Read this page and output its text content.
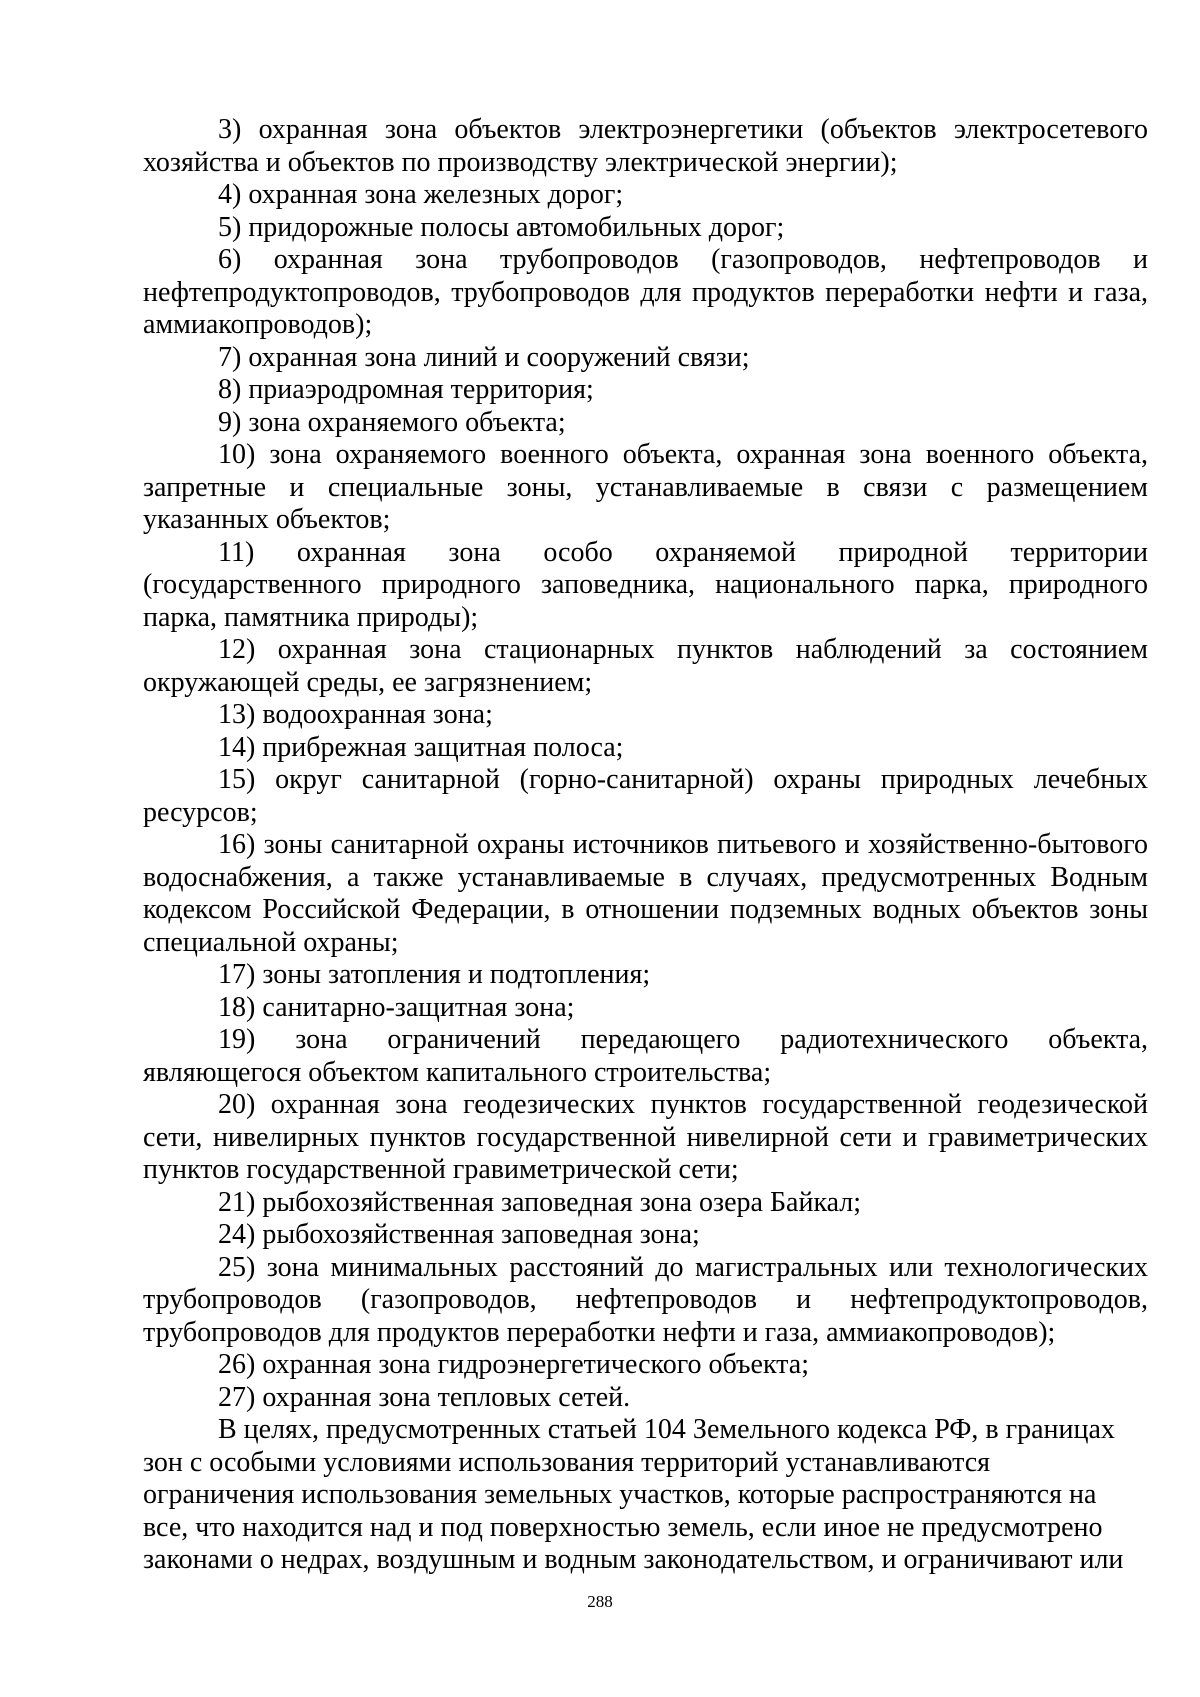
3) охранная зона объектов электроэнергетики (объектов электросетевого хозяйства и объектов по производству электрической энергии);

4) охранная зона железных дорог;

5) придорожные полосы автомобильных дорог;

6) охранная зона трубопроводов (газопроводов, нефтепроводов и нефтепродуктопроводов, трубопроводов для продуктов переработки нефти и газа, аммиакопроводов);

7) охранная зона линий и сооружений связи;

8) приаэродромная территория;

9) зона охраняемого объекта;

10) зона охраняемого военного объекта, охранная зона военного объекта, запретные и специальные зоны, устанавливаемые в связи с размещением указанных объектов;

11) охранная зона особо охраняемой природной территории (государственного природного заповедника, национального парка, природного парка, памятника природы);

12) охранная зона стационарных пунктов наблюдений за состоянием окружающей среды, ее загрязнением;

13) водоохранная зона;

14) прибрежная защитная полоса;

15) округ санитарной (горно-санитарной) охраны природных лечебных ресурсов;

16) зоны санитарной охраны источников питьевого и хозяйственно-бытового водоснабжения, а также устанавливаемые в случаях, предусмотренных Водным кодексом Российской Федерации, в отношении подземных водных объектов зоны специальной охраны;

17) зоны затопления и подтопления;

18) санитарно-защитная зона;

19) зона ограничений передающего радиотехнического объекта, являющегося объектом капитального строительства;

20) охранная зона геодезических пунктов государственной геодезической сети, нивелирных пунктов государственной нивелирной сети и гравиметрических пунктов государственной гравиметрической сети;

21) рыбохозяйственная заповедная зона озера Байкал;

24) рыбохозяйственная заповедная зона;

25) зона минимальных расстояний до магистральных или технологических трубопроводов (газопроводов, нефтепроводов и нефтепродуктопроводов, трубопроводов для продуктов переработки нефти и газа, аммиакопроводов);

26) охранная зона гидроэнергетического объекта;

27) охранная зона тепловых сетей.

В целях, предусмотренных статьей 104 Земельного кодекса РФ, в границах зон с особыми условиями использования территорий устанавливаются ограничения использования земельных участков, которые распространяются на все, что находится над и под поверхностью земель, если иное не предусмотрено законами о недрах, воздушным и водным законодательством, и ограничивают или

288
